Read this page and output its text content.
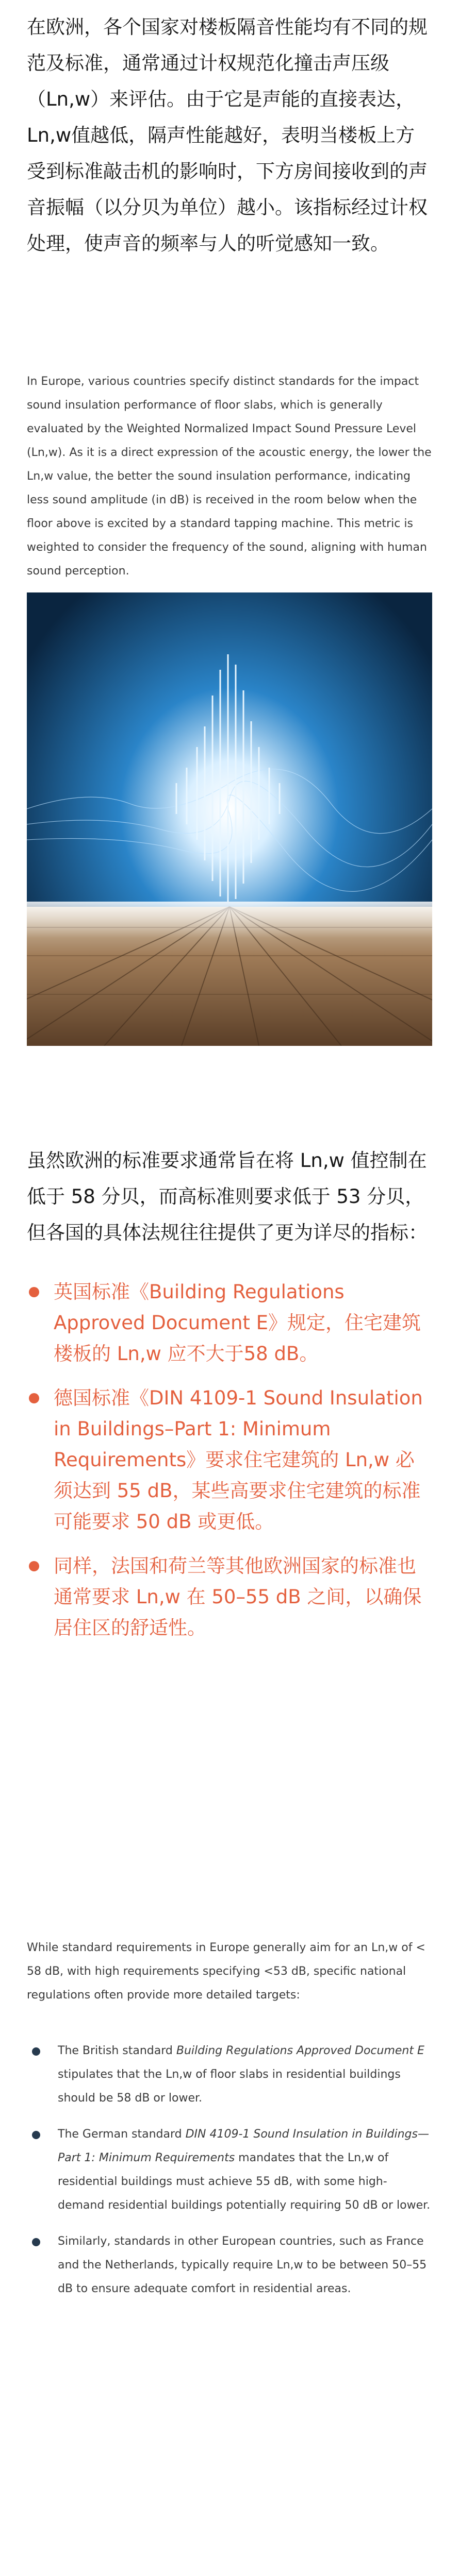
在欧洲，各个国家对楼板隔音性能均有不同的规范及标准，通常通过计权规范化撞击声压级（Ln,w）来评估。由于它是声能的直接表达，Ln,w值越低，隔声性能越好，表明当楼板上方受到标准敲击机的影响时，下方房间接收到的声音振幅（以分贝为单位）越小。该指标经过计权处理，使声音的频率与人的听觉感知一致。

In Europe, various countries specify distinct standards for the impact sound insulation performance of floor slabs, which is generally evaluated by the Weighted Normalized Impact Sound Pressure Level (Ln,w). As it is a direct expression of the acoustic energy, the lower the Ln,w value, the better the sound insulation performance, indicating less sound amplitude (in dB) is received in the room below when the floor above is excited by a standard tapping machine. This metric is weighted to consider the frequency of the sound, aligning with human sound perception.

虽然欧洲的标准要求通常旨在将 Ln,w 值控制在低于 58 分贝，而高标准则要求低于 53 分贝，但各国的具体法规往往提供了更为详尽的指标：

英国标准《Building Regulations Approved Document E》规定，住宅建筑楼板的 Ln,w 应不大于58 dB。
德国标准《DIN 4109-1 Sound Insulation in Buildings–Part 1: Minimum Requirements》要求住宅建筑的 Ln,w 必须达到 55 dB，某些高要求住宅建筑的标准可能要求 50 dB 或更低。
同样，法国和荷兰等其他欧洲国家的标准也通常要求 Ln,w 在 50–55 dB 之间，以确保居住区的舒适性。

While standard requirements in Europe generally aim for an Ln,w of < 58 dB, with high requirements specifying <53 dB, specific national regulations often provide more detailed targets:

The British standard Building Regulations Approved Document E stipulates that the Ln,w of floor slabs in residential buildings should be 58 dB or lower.
The German standard DIN 4109-1 Sound Insulation in Buildings—Part 1: Minimum Requirements mandates that the Ln,w of residential buildings must achieve 55 dB, with some high-demand residential buildings potentially requiring 50 dB or lower.
Similarly, standards in other European countries, such as France and the Netherlands, typically require Ln,w to be between 50–55 dB to ensure adequate comfort in residential areas.
